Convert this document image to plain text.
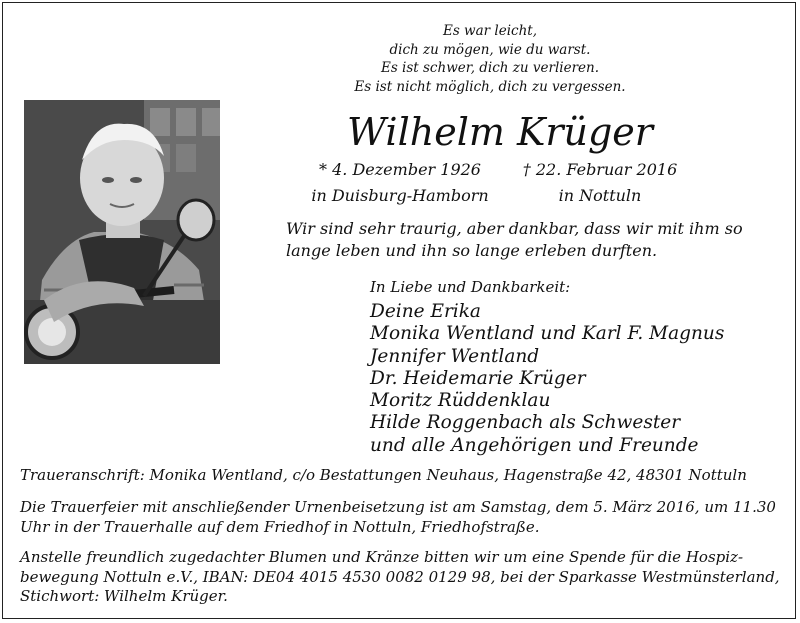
Es war leicht,
dich zu mögen, wie du warst.
Es ist schwer, dich zu verlieren.
Es ist nicht möglich, dich zu vergessen.
Wilhelm Krüger
* 4. Dezember 1926
in Duisburg-Hamborn
† 22. Februar 2016
in Nottuln
Wir sind sehr traurig, aber dankbar, dass wir mit ihm so lange leben und ihn so lange erleben durften.
In Liebe und Dankbarkeit:
Deine Erika
Monika Wentland und Karl F. Magnus
Jennifer Wentland
Dr. Heidemarie Krüger
Moritz Rüddenklau
Hilde Roggenbach als Schwester
und alle Angehörigen und Freunde

Traueranschrift: Monika Wentland, c/o Bestattungen Neuhaus, Hagenstraße 42, 48301 Nottuln

Die Trauerfeier mit anschließender Urnenbeisetzung ist am Samstag, dem 5. März 2016, um 11.30 Uhr in der Trauerhalle auf dem Friedhof in Nottuln, Friedhofstraße.

Anstelle freundlich zugedachter Blumen und Kränze bitten wir um eine Spende für die Hospiz-bewegung Nottuln e.V., IBAN: DE04 4015 4530 0082 0129 98, bei der Sparkasse Westmünsterland, Stichwort: Wilhelm Krüger.
